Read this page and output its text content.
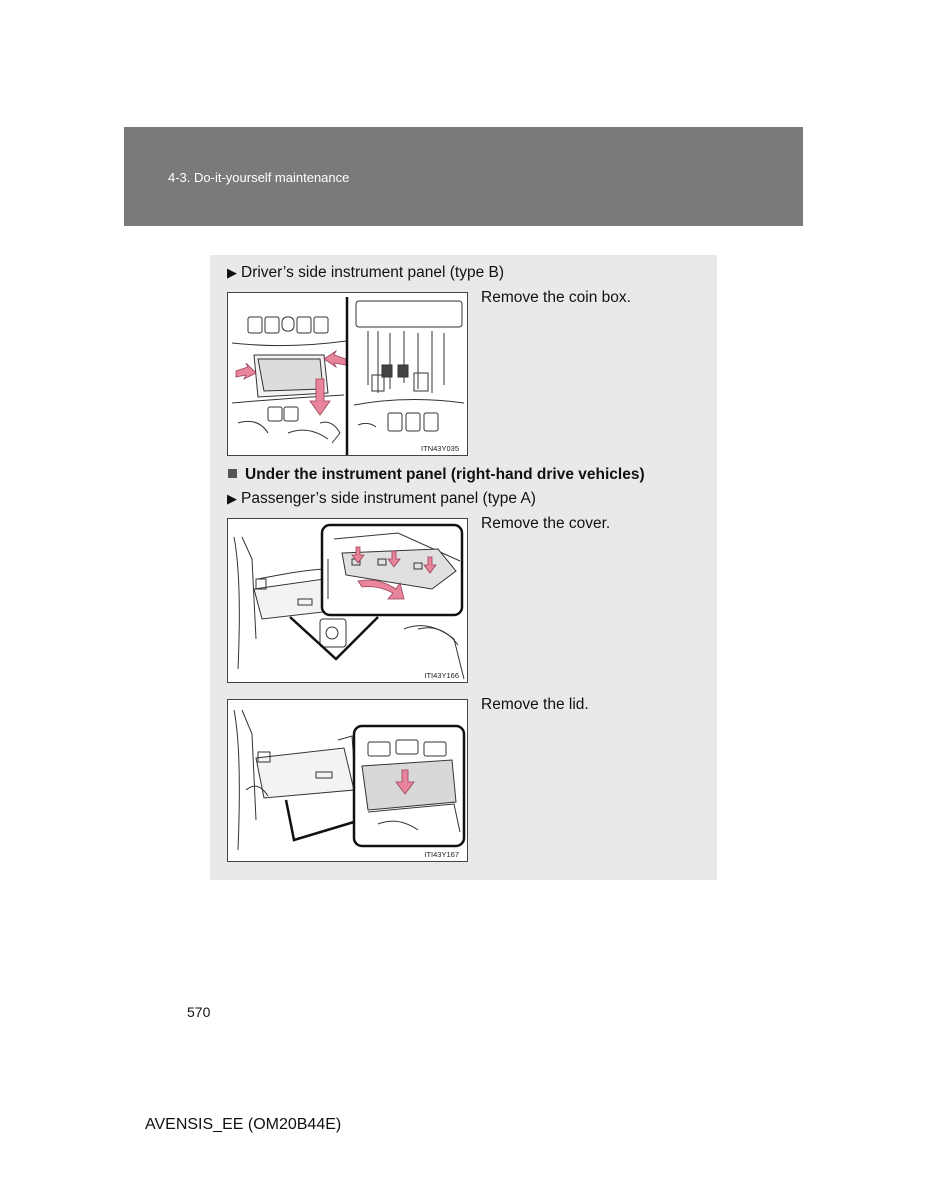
4-3. Do-it-yourself maintenance
▶ Driver’s side instrument panel (type B)
Remove the coin box.
ITN43Y035
Under the instrument panel (right-hand drive vehicles)
▶ Passenger’s side instrument panel (type A)
Remove the cover.
ITI43Y166
Remove the lid.
ITI43Y167
570
AVENSIS_EE (OM20B44E)
